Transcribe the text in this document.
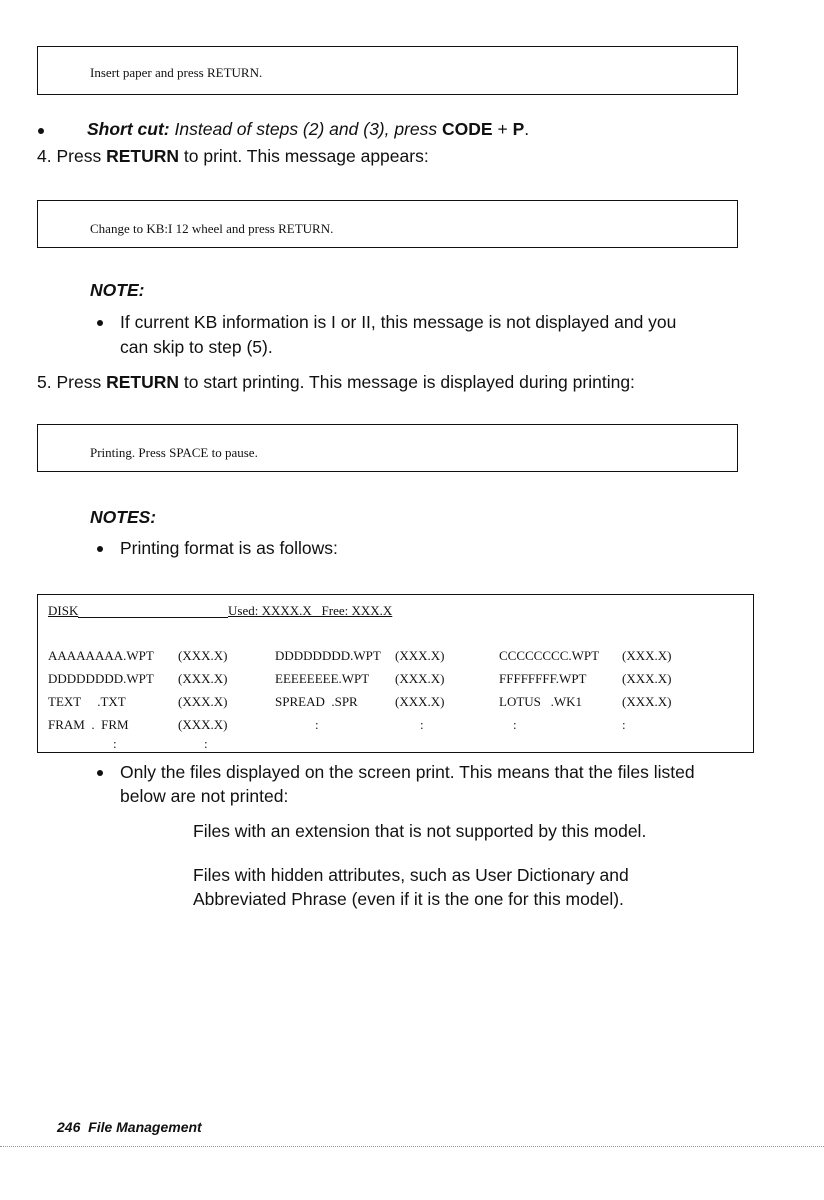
Insert paper and press RETURN.
Short cut: Instead of steps (2) and (3), press CODE + P.
4. Press RETURN to print. This message appears:
Change to KB:I 12 wheel and press RETURN.
NOTE:
If current KB information is I or II, this message is not displayed and you
can skip to step (5).
5. Press RETURN to start printing. This message is displayed during printing:
Printing. Press SPACE to pause.
NOTES:
Printing format is as follows:
DISK	Used: XXXX.X   Free: XXX.X
AAAAAAAA.WPT (XXX.X)	DDDDDDDD.WPT (XXX.X)	CCCCCCCC.WPT (XXX.X)
DDDDDDDD.WPT (XXX.X)	EEEEEEEE.WPT (XXX.X)	FFFFFFFF.WPT	(XXX.X)
TEXT     .TXT	(XXX.X)	SPREAD  .SPR	(XXX.X)	LOTUS   .WK1	(XXX.X)
FRAM  .  FRM	(XXX.X)	:	:	:	:
:	:
Only the files displayed on the screen print. This means that the files listed
below are not printed:
Files with an extension that is not supported by this model.
Files with hidden attributes, such as User Dictionary and
Abbreviated Phrase (even if it is the one for this model).
246 File Management
